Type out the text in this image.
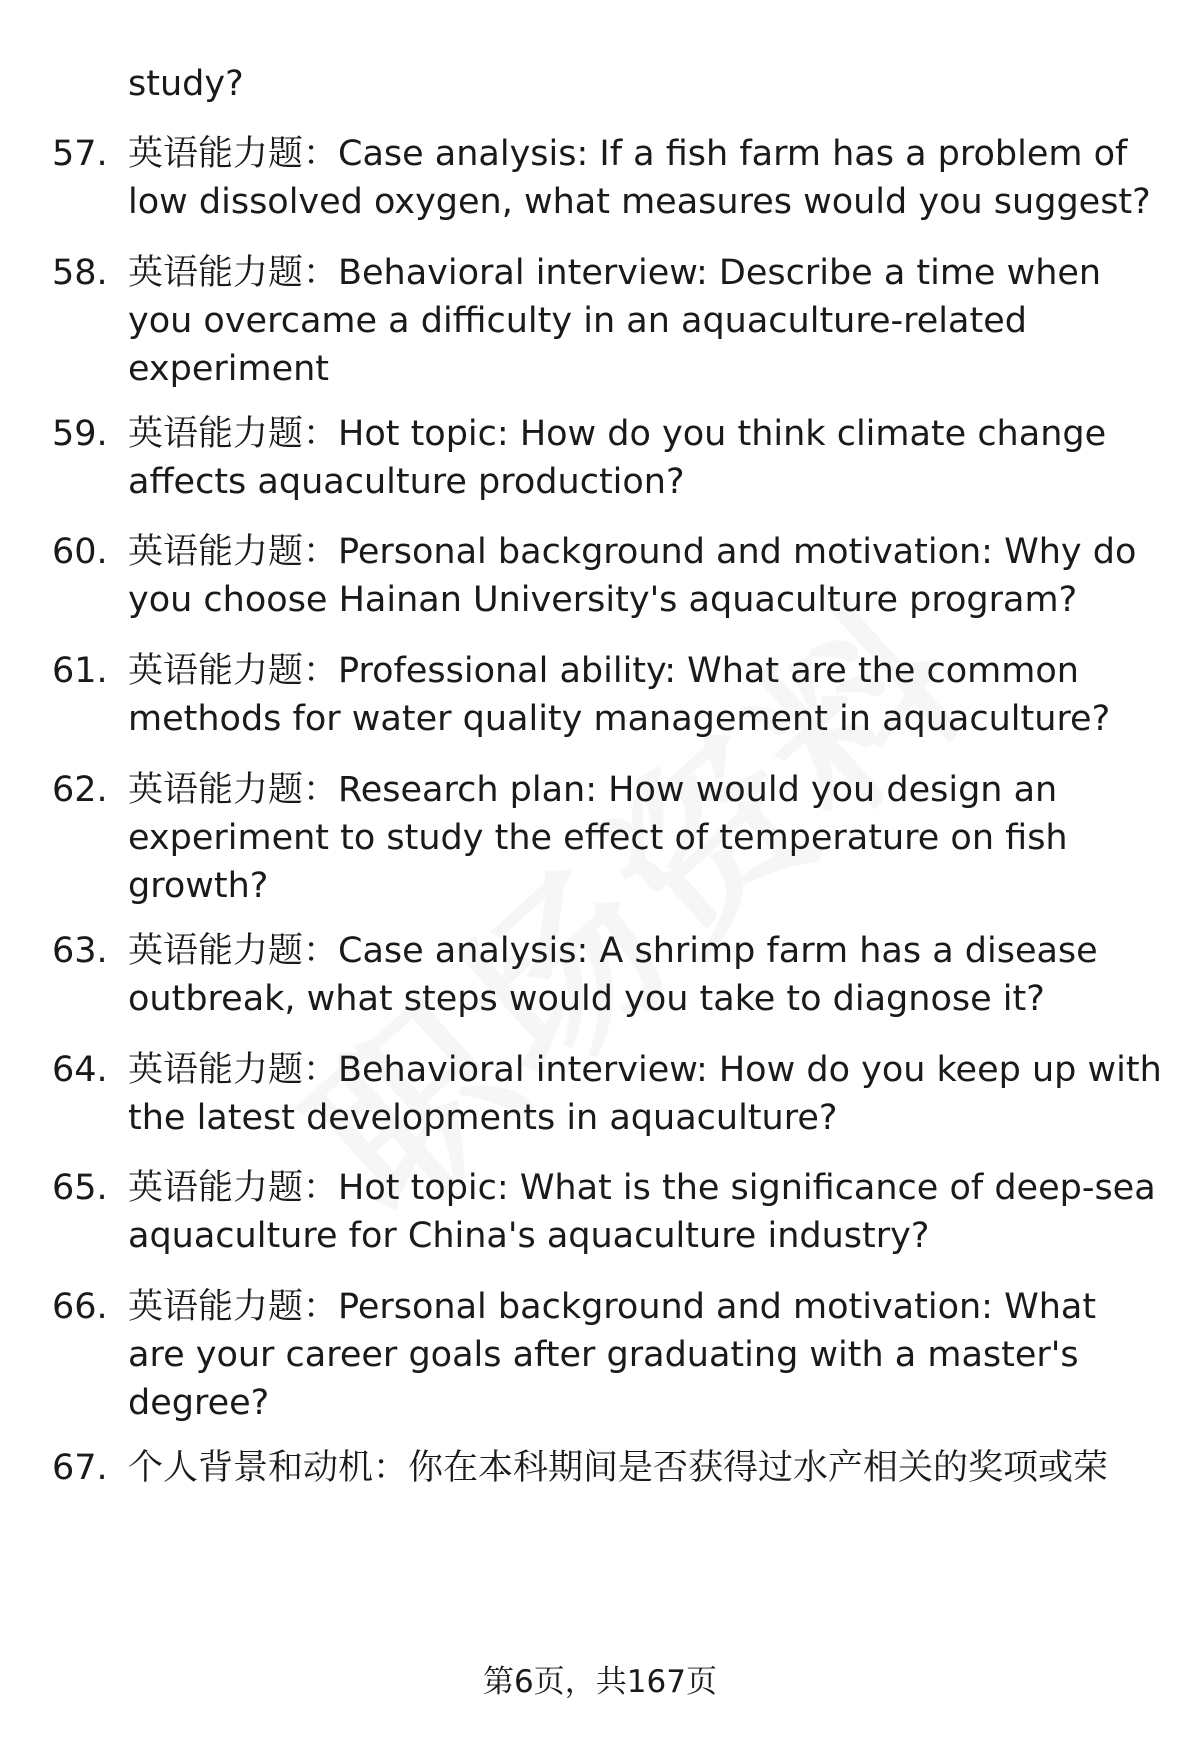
study?
57. 英语能力题：Case analysis: If a fish farm has a problem of
low dissolved oxygen, what measures would you suggest?
58. 英语能力题：Behavioral interview: Describe a time when
you overcame a difficulty in an aquaculture-related
experiment
59. 英语能力题：Hot topic: How do you think climate change
affects aquaculture production?
60. 英语能力题：Personal background and motivation: Why do
you choose Hainan University's aquaculture program?
61. 英语能力题：Professional ability: What are the common
methods for water quality management in aquaculture?
62. 英语能力题：Research plan: How would you design an
experiment to study the effect of temperature on fish
growth?
63. 英语能力题：Case analysis: A shrimp farm has a disease
outbreak, what steps would you take to diagnose it?
64. 英语能力题：Behavioral interview: How do you keep up with
the latest developments in aquaculture?
65. 英语能力题：Hot topic: What is the significance of deep-sea
aquaculture for China's aquaculture industry?
66. 英语能力题：Personal background and motivation: What
are your career goals after graduating with a master's
degree?
67. 个人背景和动机：你在本科期间是否获得过水产相关的奖项或荣
第6页，共167页
